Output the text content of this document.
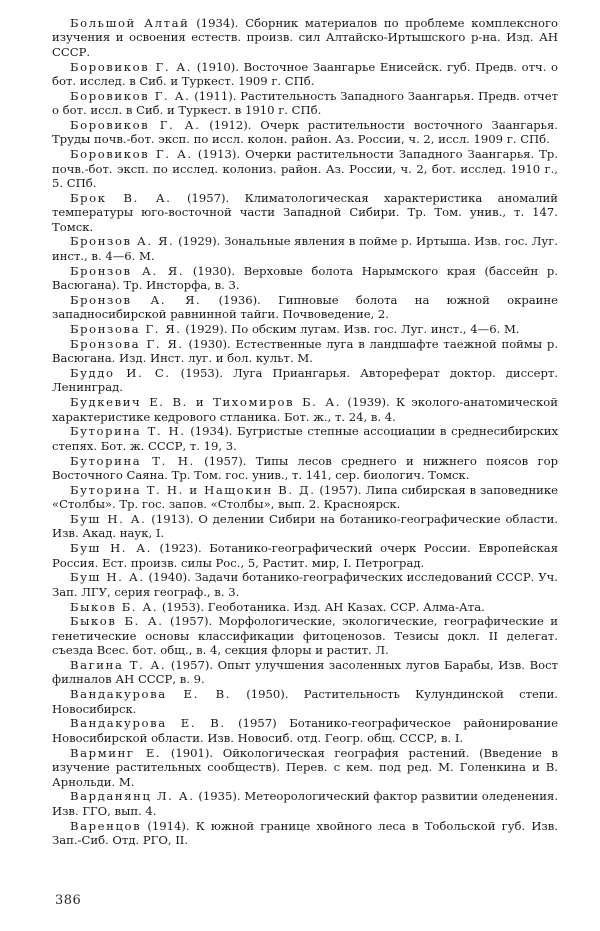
Большой Алтай (1934). Сборник материалов по проблеме комплексного изучения и освоения естеств. произв. сил Алтайско-Иртышского р-на. Изд. АН СССР.

Боровиков Г. А. (1910). Восточное Заангарье Енисейск. губ. Предв. отч. о бот. исслед. в Сиб. и Туркест. 1909 г. СПб.

Боровиков Г. А. (1911). Растительность Западного Заангарья. Предв. отчет о бот. иссл. в Сиб. и Туркест. в 1910 г. СПб.

Боровиков Г. А. (1912). Очерк растительности восточного Заангарья. Труды почв.-бот. эксп. по иссл. колон. район. Аз. России, ч. 2, иссл. 1909 г. СПб.

Боровиков Г. А. (1913). Очерки растительности Западного Заангарья. Тр. почв.-бот. эксп. по исслед. колониз. район. Аз. России, ч. 2, бот. исслед. 1910 г., 5. СПб.

Брок В. А. (1957). Климатологическая характеристика аномалий температуры юго-восточной части Западной Сибири. Тр. Том. унив., т. 147. Томск.

Бронзов А. Я. (1929). Зональные явления в пойме р. Иртыша. Изв. гос. Луг. инст., в. 4—6. М.

Бронзов А. Я. (1930). Верховые болота Нарымского края (бассейн р. Васюгана). Тр. Инсторфа, в. 3.

Бронзов А. Я. (1936). Гипновые болота на южной окраине западносибирской равнинной тайги. Почвоведение, 2.

Бронзова Г. Я. (1929). По обским лугам. Изв. гос. Луг. инст., 4—6. М.

Бронзова Г. Я. (1930). Естественные луга в ландшафте таежной поймы р. Васюгана. Изд. Инст. луг. и бол. культ. М.

Буддо И. С. (1953). Луга Приангарья. Автореферат доктор. диссерт. Ленинград.

Будкевич Е. В. и Тихомиров Б. А. (1939). К эколого-анатомической характеристике кедрового стланика. Бот. ж., т. 24, в. 4.

Буторина Т. Н. (1934). Бугристые степные ассоциации в среднесибирских степях. Бот. ж. СССР, т. 19, 3.

Буторина Т. Н. (1957). Типы лесов среднего и нижнего поясов гор Восточного Саяна. Тр. Том. гос. унив., т. 141, сер. биологич. Томск.

Буторина Т. Н. и Нащокин В. Д. (1957). Липа сибирская в заповеднике «Столбы». Тр. гос. запов. «Столбы», вып. 2. Красноярск.

Буш Н. А. (1913). О делении Сибири на ботанико-географические области. Изв. Акад. наук, I.

Буш Н. А. (1923). Ботанико-географический очерк России. Европейская Россия. Ест. произв. силы Рос., 5, Растит. мир, I. Петроград.

Буш Н. А. (1940). Задачи ботанико-географических исследований СССР. Уч. Зап. ЛГУ, серия географ., в. 3.

Быков Б. А. (1953). Геоботаника. Изд. АН Казах. ССР. Алма-Ата.

Быков Б. А. (1957). Морфологические, экологические, географические и генетические основы классификации фитоценозов. Тезисы докл. II делегат. съезда Всес. бот. общ., в. 4, секция флоры и растит. Л.

Вагина Т. А. (1957). Опыт улучшения засоленных лугов Барабы, Изв. Вост филналов АН СССР, в. 9.

Вандакурова Е. В. (1950). Растительность Кулундинской степи. Новосибирск.

Вандакурова Е. В. (1957) Ботанико-географическое районирование Новосибирской области. Изв. Новосиб. отд. Геогр. общ. СССР, в. I.

Варминг Е. (1901). Ойкологическая география растений. (Введение в изучение растительных сообществ). Перев. с кем. под ред. М. Голенкина и В. Арнольди. М.

Варданянц Л. А. (1935). Метеорологический фактор развитии оледенения. Изв. ГГО, вып. 4.

Варенцов (1914). К южной границе хвойного леса в Тобольской губ. Изв. Зап.-Сиб. Отд. РГО, II.

386
